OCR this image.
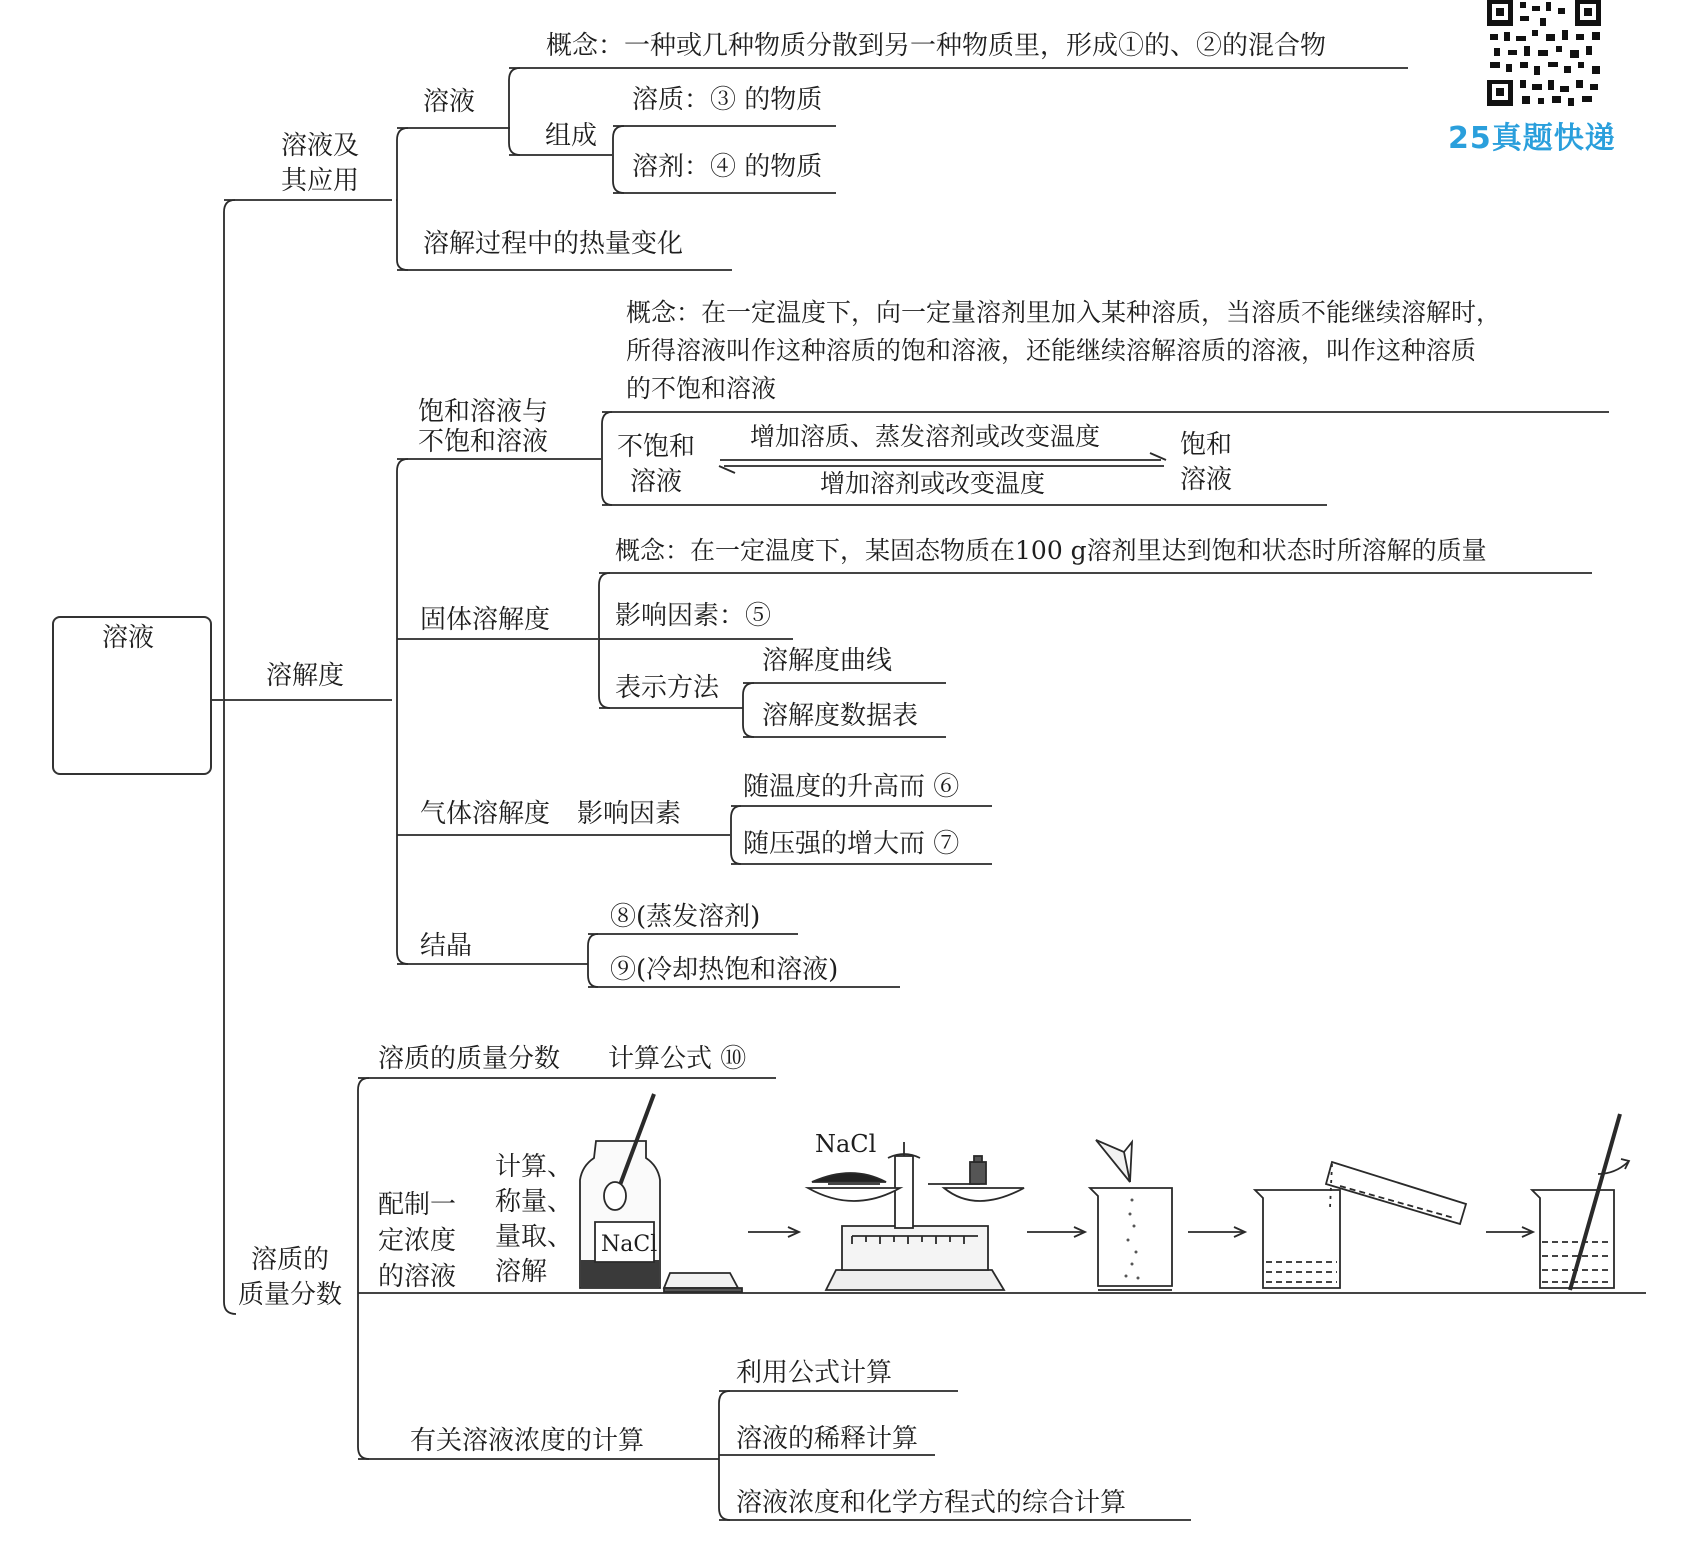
25真题快递
溶液
溶液及
其应用
溶液
概念：一种或几种物质分散到另一种物质里，形成①的、②的混合物
组成
溶质：③ 的物质
溶剂：④ 的物质
溶解过程中的热量变化
溶解度
饱和溶液与
不饱和溶液
概念：在一定温度下，向一定量溶剂里加入某种溶质，当溶质不能继续溶解时，
所得溶液叫作这种溶质的饱和溶液，还能继续溶解溶质的溶液，叫作这种溶质
的不饱和溶液
不饱和
溶液
增加溶质、蒸发溶剂或改变温度
增加溶剂或改变温度
饱和
溶液
固体溶解度
概念：在一定温度下，某固态物质在100 g溶剂里达到饱和状态时所溶解的质量
影响因素：⑤
表示方法
溶解度曲线
溶解度数据表
气体溶解度 影响因素
随温度的升高而 ⑥
随压强的增大而 ⑦
结晶
⑧(蒸发溶剂)
⑨(冷却热饱和溶液)
溶质的
质量分数
溶质的质量分数 计算公式 ⑩
配制一
定浓度
的溶液
计算、
称量、
量取、
溶解
NaCl
NaCl
有关溶液浓度的计算
利用公式计算
溶液的稀释计算
溶液浓度和化学方程式的综合计算
